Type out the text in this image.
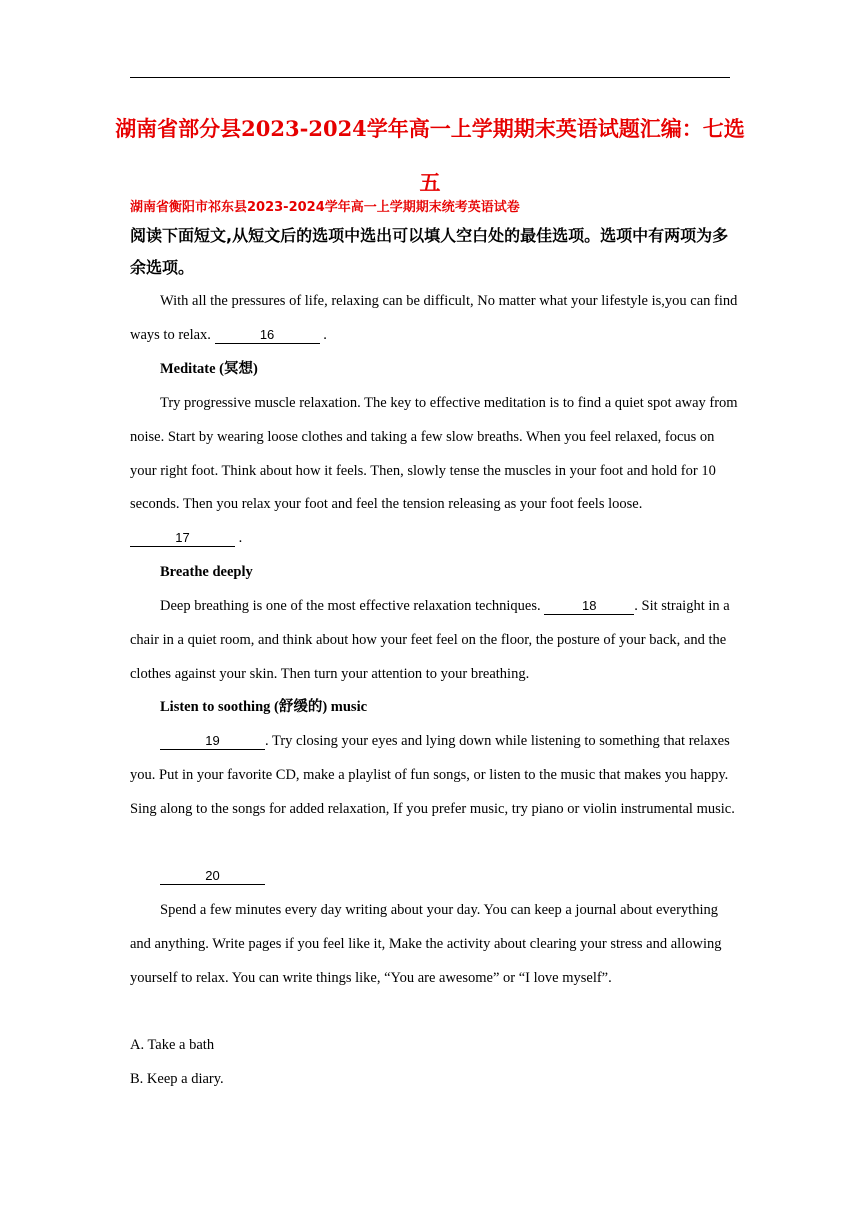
湖南省部分县2023-2024学年高一上学期期末英语试题汇编：七选五
湖南省衡阳市祁东县2023-2024学年高一上学期期末统考英语试卷
阅读下面短文,从短文后的选项中选出可以填人空白处的最佳选项。选项中有两项为多余选项。
With all the pressures of life, relaxing can be difficult, No matter what your lifestyle is,you can find ways to relax.	16	.
Meditate (冥想)
Try progressive muscle relaxation. The key to effective meditation is to find a quiet spot away from noise. Start by wearing loose clothes and taking a few slow breaths. When you feel relaxed, focus on your right foot. Think about how it feels. Then, slowly tense the muscles in your foot and hold for 10 seconds. Then you relax your foot and feel the tension releasing as your foot feels loose. 17	.
Breathe deeply
Deep breathing is one of the most effective relaxation techniques.	18	. Sit straight in a chair in a quiet room, and think about how your feet feel on the floor, the posture of your back, and the clothes against your skin. Then turn your attention to your breathing.
Listen to soothing (舒缓的) music
19	. Try closing your eyes and lying down while listening to something that relaxes you. Put in your favorite CD, make a playlist of fun songs, or listen to the music that makes you happy. Sing along to the songs for added relaxation, If you prefer music, try piano or violin instrumental music.
20
Spend a few minutes every day writing about your day. You can keep a journal about everything and anything. Write pages if you feel like it, Make the activity about clearing your stress and allowing yourself to relax. You can write things like, “You are awesome” or “I love myself”.
A. Take a bath
B. Keep a diary.
